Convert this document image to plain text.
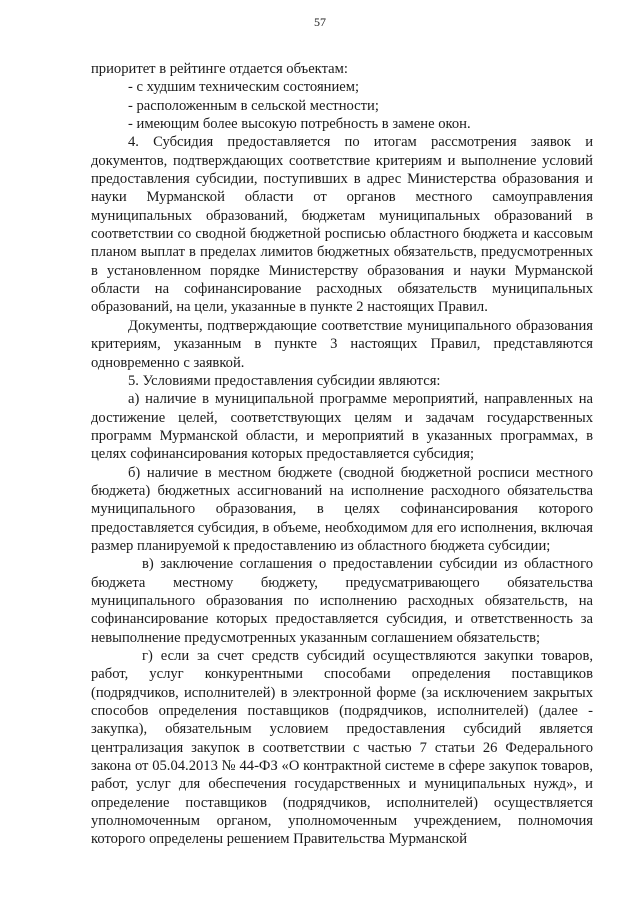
57

приоритет в рейтинге отдается объектам:

- с худшим техническим состоянием;

- расположенным в сельской местности;

- имеющим более высокую потребность в замене окон.

4. Субсидия предоставляется по итогам рассмотрения заявок и документов, подтверждающих соответствие критериям и выполнение условий предоставления субсидии, поступивших в адрес Министерства образования и науки Мурманской области от органов местного самоуправления муниципальных образований, бюджетам муниципальных образований в соответствии со сводной бюджетной росписью областного бюджета и кассовым планом выплат в пределах лимитов бюджетных обязательств, предусмотренных в установленном порядке Министерству образования и науки Мурманской области на софинансирование расходных обязательств муниципальных образований, на цели, указанные в пункте 2 настоящих Правил.

Документы, подтверждающие соответствие муниципального образования критериям, указанным в пункте 3 настоящих Правил, представляются одновременно с заявкой.

5. Условиями предоставления субсидии являются:

а) наличие в муниципальной программе мероприятий, направленных на достижение целей, соответствующих целям и задачам государственных программ Мурманской области, и мероприятий в указанных программах, в целях софинансирования которых предоставляется субсидия;

б) наличие в местном бюджете (сводной бюджетной росписи местного бюджета) бюджетных ассигнований на исполнение расходного обязательства муниципального образования, в целях софинансирования которого предоставляется субсидия, в объеме, необходимом для его исполнения, включая размер планируемой к предоставлению из областного бюджета субсидии;

в) заключение соглашения о предоставлении субсидии из областного бюджета местному бюджету, предусматривающего обязательства муниципального образования по исполнению расходных обязательств, на софинансирование которых предоставляется субсидия, и ответственность за невыполнение предусмотренных указанным соглашением обязательств;

г) если за счет средств субсидий осуществляются закупки товаров, работ, услуг конкурентными способами определения поставщиков (подрядчиков, исполнителей) в электронной форме (за исключением закрытых способов определения поставщиков (подрядчиков, исполнителей) (далее - закупка), обязательным условием предоставления субсидий является централизация закупок в соответствии с частью 7 статьи 26 Федерального закона от 05.04.2013 № 44-ФЗ «О контрактной системе в сфере закупок товаров, работ, услуг для обеспечения государственных и муниципальных нужд», и определение поставщиков (подрядчиков, исполнителей) осуществляется уполномоченным органом, уполномоченным учреждением, полномочия которого определены решением Правительства Мурманской
